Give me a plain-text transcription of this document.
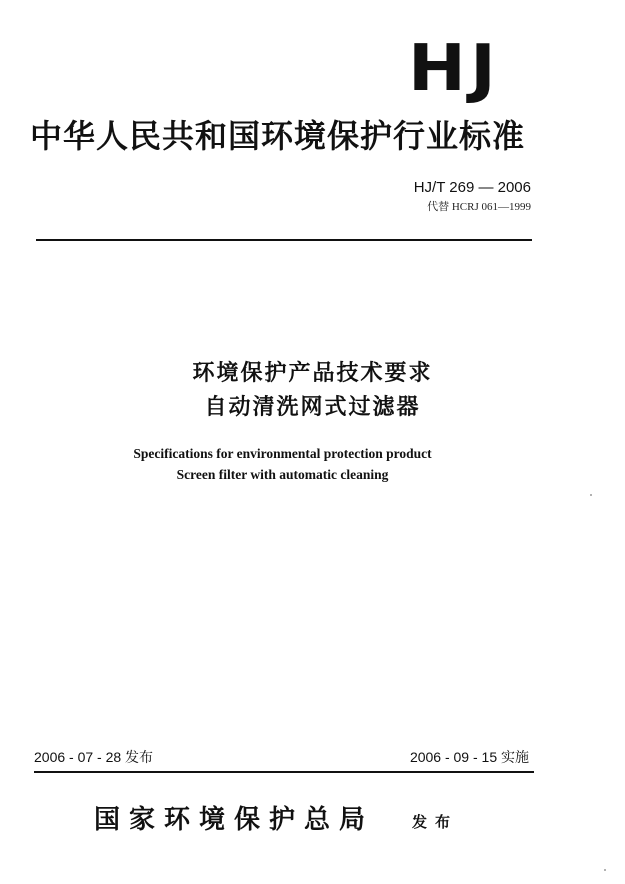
HJ
中华人民共和国环境保护行业标准
HJ/T 269 — 2006
代替 HCRJ 061—1999
环境保护产品技术要求
自动清洗网式过滤器
Specifications for environmental protection product
Screen filter with automatic cleaning
2006 - 07 - 28 发布	2006 - 09 - 15 实施
国家环境保护总局	发布
